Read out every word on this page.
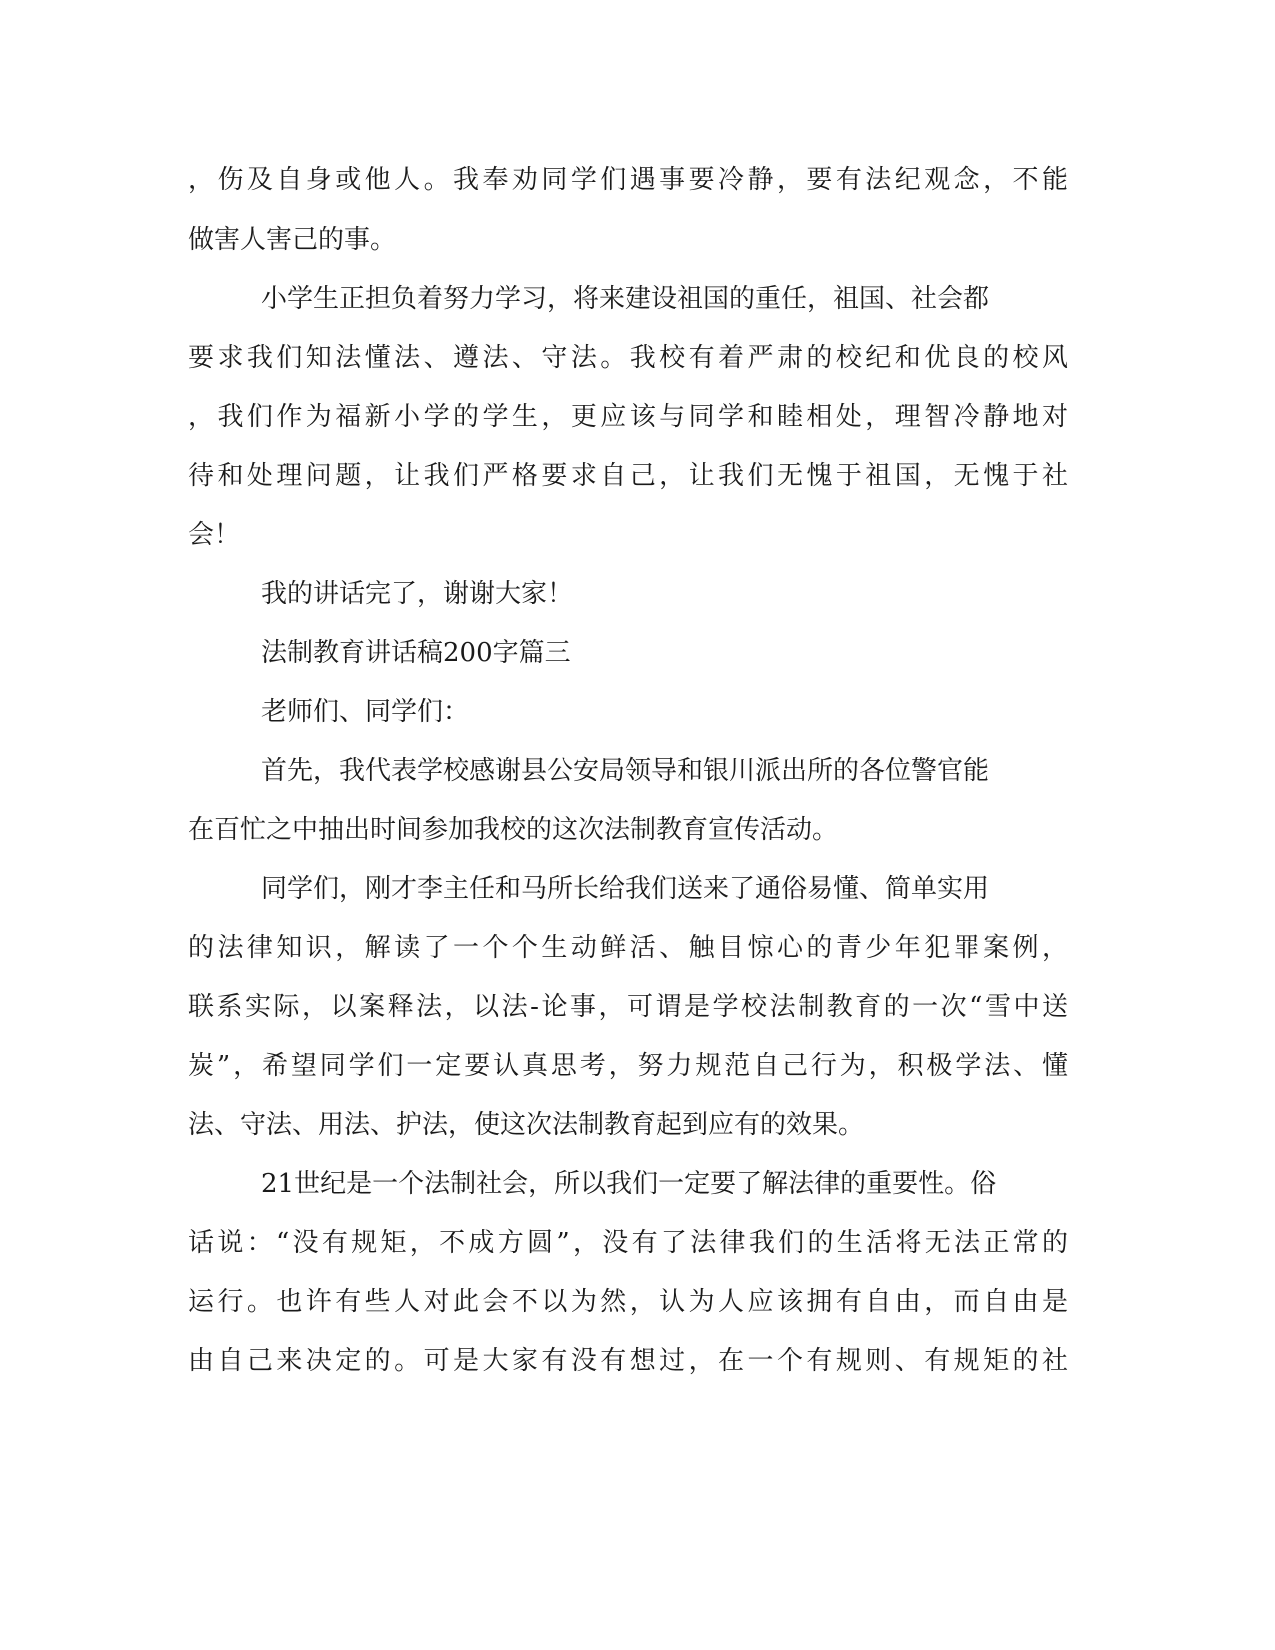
，伤及自身或他人。我奉劝同学们遇事要冷静，要有法纪观念，不能
做害人害己的事。
小学生正担负着努力学习，将来建设祖国的重任，祖国、社会都
要求我们知法懂法、遵法、守法。我校有着严肃的校纪和优良的校风
，我们作为福新小学的学生，更应该与同学和睦相处，理智冷静地对
待和处理问题，让我们严格要求自己，让我们无愧于祖国，无愧于社
会！
我的讲话完了，谢谢大家！
法制教育讲话稿200字篇三
老师们、同学们：
首先，我代表学校感谢县公安局领导和银川派出所的各位警官能
在百忙之中抽出时间参加我校的这次法制教育宣传活动。
同学们，刚才李主任和马所长给我们送来了通俗易懂、简单实用
的法律知识，解读了一个个生动鲜活、触目惊心的青少年犯罪案例，
联系实际，以案释法，以法-论事，可谓是学校法制教育的一次“雪中送
炭”，希望同学们一定要认真思考，努力规范自己行为，积极学法、懂
法、守法、用法、护法，使这次法制教育起到应有的效果。
21世纪是一个法制社会，所以我们一定要了解法律的重要性。俗
话说：“没有规矩，不成方圆”，没有了法律我们的生活将无法正常的
运行。也许有些人对此会不以为然，认为人应该拥有自由，而自由是
由自己来决定的。可是大家有没有想过，在一个有规则、有规矩的社
